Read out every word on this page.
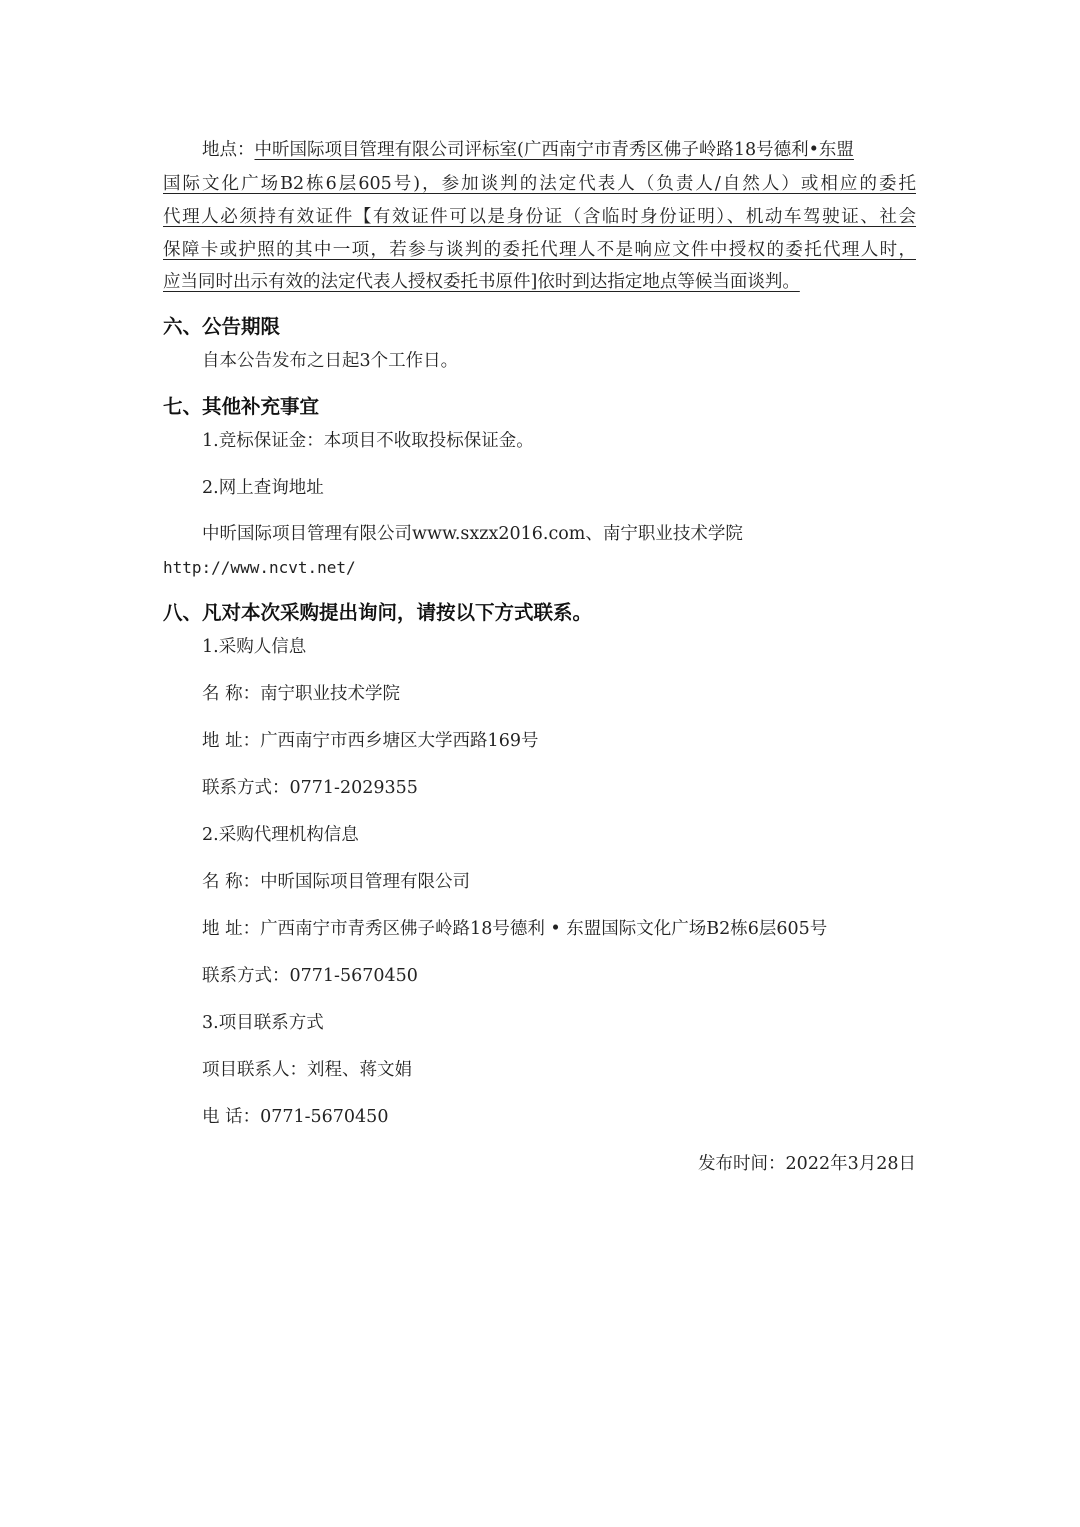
地点：中昕国际项目管理有限公司评标室(广西南宁市青秀区佛子岭路18号德利•东盟
国际文化广场B2栋6层605号)，参加谈判的法定代表人（负责人/自然人）或相应的委托
代理人必须持有效证件【有效证件可以是身份证（含临时身份证明）、机动车驾驶证、社会
保障卡或护照的其中一项，若参与谈判的委托代理人不是响应文件中授权的委托代理人时，
应当同时出示有效的法定代表人授权委托书原件]依时到达指定地点等候当面谈判。
六、公告期限
自本公告发布之日起3个工作日。
七、其他补充事宜
1.竞标保证金：本项目不收取投标保证金。
2.网上查询地址
中昕国际项目管理有限公司www.sxzx2016.com、南宁职业技术学院
http://www.ncvt.net/
八、凡对本次采购提出询问，请按以下方式联系。
1.采购人信息
名 称：南宁职业技术学院
地 址：广西南宁市西乡塘区大学西路169号
联系方式：0771-2029355
2.采购代理机构信息
名 称：中昕国际项目管理有限公司
地 址：广西南宁市青秀区佛子岭路18号德利 • 东盟国际文化广场B2栋6层605号
联系方式：0771-5670450
3.项目联系方式
项目联系人：刘程、蒋文娟
电 话：0771-5670450
发布时间：2022年3月28日
